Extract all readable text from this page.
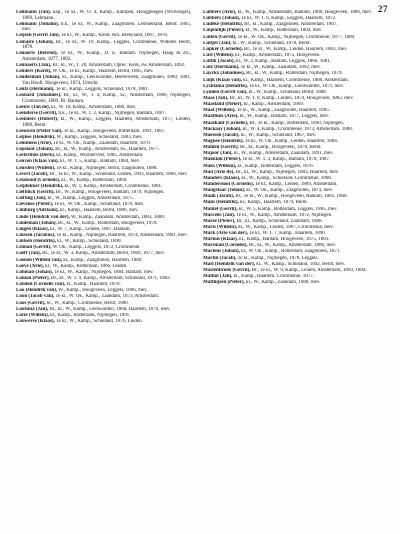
27

Lehmann (Jan), kap., 1e kl., W. O. 4, Kamp., Kampen, Hooggelegen (Wolvengel), 1869, Lehmann.

Lehmann (Johann), b.k., 1e kl., W., Kamp., Zaagmolen, Lemsterland, Bernt. 1885, mev.

Leijsen (Gerrit Jan), 1e kl., W., Kamp., Kleid. Am. Breeyland, 1867, 1876.

Lemaire (Johan), Br., 1e kl., W. 10, Kamp., Leggels, Crommenie, Willems Bernt, 1878.

Lenaerts (Berend), 1e kl., W., Kamp., D. E. Bantam. Nijmegen, Haag & Zn., Amsterdam, 1877, 1882.

Lennaerts (Jan), Br., kl., W., T. 20, Amsterdam, Oprec. Kerk, Iw. Amsterdam, 1892.

Lenders (Karel), W. Ok., 1e kl., Kamp., Haarlem, Bernt, 1885, mev.

Lenderman (Johan), kl., Kamp., Leeuwarden, Heerenveen, Zaagmolen, 1869, 1881, Van Hooft, Hoogeveen, 1874, Utrecht.

Lentz (Hermann), 1e kl., Kamp., Leggels, Schieland, 1878, 1881.

Leonard (Johannes), Br., kl., W., T. 4, Kamp., Sc., Amsterdam, 1880, Nijmegen, Crommenie, 1869, Br. Bantam.

Leeuw (Jan de), kl., W. 10, Kamp., Amsterdam, 1880, mev.

Leenderse (Gerrit), b.k., 1e kl., W. T. 2, Kamp., Nijmegen, Bantam, 1887.

Leenders (Hubert), kl., W., Kamp., Leggels, Haarlem, Amsterdam, 1877, Leiden, 1888, Bernt.

Leeuwen (Pieter van), 1e kl., Kamp., Hoogeveen, Rotterdam, 1891, 1887.

Leijnse (Hendrik), W., Kamp., Leggels, Schieland, 1883, mev.

Lemmens (Arie), 1e kl., W. Ok., Kamp., Zaandam, Haarlem, 1870.

Lepelaar (Johan), Br., kl., W., Kamp., Amsterdam, Iw., Haarlem, 1877.

Lesterhuis (Derk), kl., Kamp., Wormerveer, 1885, Amsterdam.

Leuven (Klaas van), kl., W. T. 5, Kamp., Bantam, 1884, mev.

Leusden (Willem), 1e kl., Kamp., Nijmegen, Bernt, Zaagmolen, 1888.

Levert (Jacob), Br., 1e kl., W., Kamp., Schieland, Leiden, 1893, Haarlem, 1866, mev.

Lexmond (Cornelis), kl., W., Kamp., Rotterdam, 1868.

Leijdekker (Hendrik), kl., W. 1, Kamp., Amsterdam, Crommenie, 1881.

Lieftinck (Gerrit), Br., W., Kamp., Hoogeveen, Bantam, 1879, Nijmegen.

Liefting (Jan), kl., W., Kamp., Leggels, Amsterdam, 1875.

Lievense (Pieter), 1e kl., W. Ok., Kamp., Schieland, 1870, mev.

Limburg (Adriaan), kl., Kamp., Haarlem, Bernt, 1886, mev.

Linde (Hendrik van der), W., Kamp., Zaandam, Amsterdam, 1883, 1880.

Lindeman (Johan), Br., kl., W., Kamp., Rotterdam, Hoogeveen, 1878.

Lingen (Klaas), kl., W. 7, Kamp., Leiden, 1867, Bantam.

Linssen (Jacobus), 1e kl., Kamp., Nijmegen, Haarlem, 1874, Amsterdam, 1881, mev.

Lintsen (Hendrik), kl., W., Kamp., Schieland, 1890.

Lisman (Gerrit), W. Ok., Kamp., Leggels, 1872, Crommenie.

Loeff (Jan), Br., 1e kl., W. 3, Kamp., Amsterdam, Bernt, 1869, 1877, mev.

Loenen (Willem van), kl., Kamp., Zaagmolen, Haarlem, 1889.

Loeve (Arie), kl., W., Kamp., Rotterdam, 1866, Leiden.

Lohman (Johan), 1e kl., W., Kamp., Nijmegen, 1884, Bantam, mev.

Loman (Pieter), Br., kl., W. T. 9, Kamp., Amsterdam, Schieland, 1871, 1882.

Londen (Cornelis van), kl., Kamp., Haarlem, 1878.

Loo (Hendrik van), W., Kamp., Hoogeveen, Leggels, 1886, mev.

Loon (Jacob van), 1e kl., W. Ok., Kamp., Zaandam, 1873, Amsterdam.

Loos (Gerrit), kl., W., Kamp., Crommenie, Bernt, 1880.

Lootsma (Jan), Br., kl., W., Kamp., Leeuwarden, 1868, Haarlem, 1879, mev.

Lorié (Willem), kl., Kamp., Rotterdam, Nijmegen, 1891.

Louwerse (Klaas), 1e kl., W., Kamp., Schieland, 1876, Leiden.

Lubbers (Arie), kl., W., Kamp., Amsterdam, Bantam, 1888, Hoogeveen, 1880, mev.

Lubbers (Johan), 1e kl., W. T. 6, Kamp., Leggels, Haarlem, 1872.

Ludeke (Hendrik), Br., kl., Kamp., Zaagmolen, Amsterdam, 1867.

Luijendijk (Pieter), kl., W., Kamp., Rotterdam, 1884, mev.

Luiten (Gerrit), 1e kl., W. Ok., Kamp., Nijmegen, Crommenie, 1877, 1889.

Luitjes (Jan), kl., W., Kamp., Schieland, 1870, Bernt.

Lupker (Cornelis), Br., 1e kl., W., Kamp., Leiden, Haarlem, 1883, mev.

Lust (Willem), kl., Kamp., Amsterdam, 1875, Hoogeveen.

Luttik (Jacob), kl., W. 2, Kamp., Bantam, Leggels, 1866, 1881.

Lutz (Hermann), 1e kl., W., Kamp., Zaandam, 1892, mev.

Luyckx (Johannes), Br., kl., W., Kamp., Rotterdam, Nijmegen, 1879.

Luijk (Klaas van), kl., Kamp., Haarlem, Crommenie, 1886, Amsterdam.

Lycklama (Hendrik), 1e kl., W. Ok., Kamp., Leeuwarden, 1871, mev.

Lynden (Gerrit van), kl., W., Kamp., Schieland, Bernt, 1888.

Maas (Jan), Br., kl., W. T. 8, Kamp., Leiden, 1874, Hoogeveen, 1882, mev.

Maasland (Pieter), kl., Kamp., Amsterdam, 1869.

Maat (Willem), 1e kl., W., Kamp., Zaagmolen, Haarlem, 1885.

Maathuis (Arie), kl., W., Kamp., Bantam, 1877, Leggels, mev.

Maaskant (Cornelis), Br., 1e kl., Kamp., Rotterdam, 1890, Nijmegen.

Mackaay (Johan), kl., W. 4, Kamp., Crommenie, 1873, Amsterdam, 1880.

Maessen (Jacob), kl., W., Kamp., Schieland, 1867, mev.

Magnée (Hendrik), 1e kl., W. Ok., Kamp., Leiden, Haarlem, 1884.

Mahieu (Gerrit), Br., kl., Kamp., Hoogeveen, 1878, Bernt.

Majoor (Jan), kl., W., Kamp., Amsterdam, Zaandam, 1891, mev.

Makkink (Pieter), 1e kl., W. T. 3, Kamp., Bantam, 1870, 1887.

Maks (Willem), kl., Kamp., Rotterdam, Leggels, 1876.

Man (Arie de), Br., kl., W., Kamp., Nijmegen, 1883, Haarlem, mev.

Manders (Klaas), kl., W., Kamp., Schieland, Crommenie, 1868.

Mandersloot (Cornelis), 1e kl., Kamp., Leiden, 1889, Amsterdam.

Mangelaar (Johan), kl., W. Ok., Kamp., Zaagmolen, 1874, mev.

Mank (Jacob), Br., 1e kl., W., Kamp., Hoogeveen, Bantam, 1881, 1866.

Mans (Hendrik), kl., Kamp., Haarlem, 1879, Bernt.

Mantel (Gerrit), kl., W. 5, Kamp., Rotterdam, Leggels, 1885, mev.

Marcelis (Jan), 1e kl., W., Kamp., Amsterdam, 1872, Nijmegen.

Marée (Pieter), Br., kl., Kamp., Schieland, Zaandam, 1888.

Maris (Willem), kl., W., Kamp., Leiden, 1867, Crommenie, mev.

Mark (Arie van der), 1e kl., W. T. 7, Kamp., Haarlem, 1890.

Markus (Klaas), kl., Kamp., Bantam, Hoogeveen, 1875, 1883.

Marsman (Cornelis), Br., kl., W., Kamp., Amsterdam, 1886, mev.

Martens (Johan), kl., W. Ok., Kamp., Rotterdam, Zaagmolen, 1871.

Martin (Jacob), 1e kl., Kamp., Nijmegen, 1878, Leggels.

Mast (Hendrik van der), kl., W., Kamp., Schieland, 1892, Bernt, mev.

Mastenbroek (Gerrit), Br., 1e kl., W. 9, Kamp., Leiden, Amsterdam, 1869, 1884.

Mathot (Jan), kl., Kamp., Haarlem, Crommenie, 1877.

Matthijsen (Pieter), kl., W., Kamp., Zaandam, 1880, mev.
